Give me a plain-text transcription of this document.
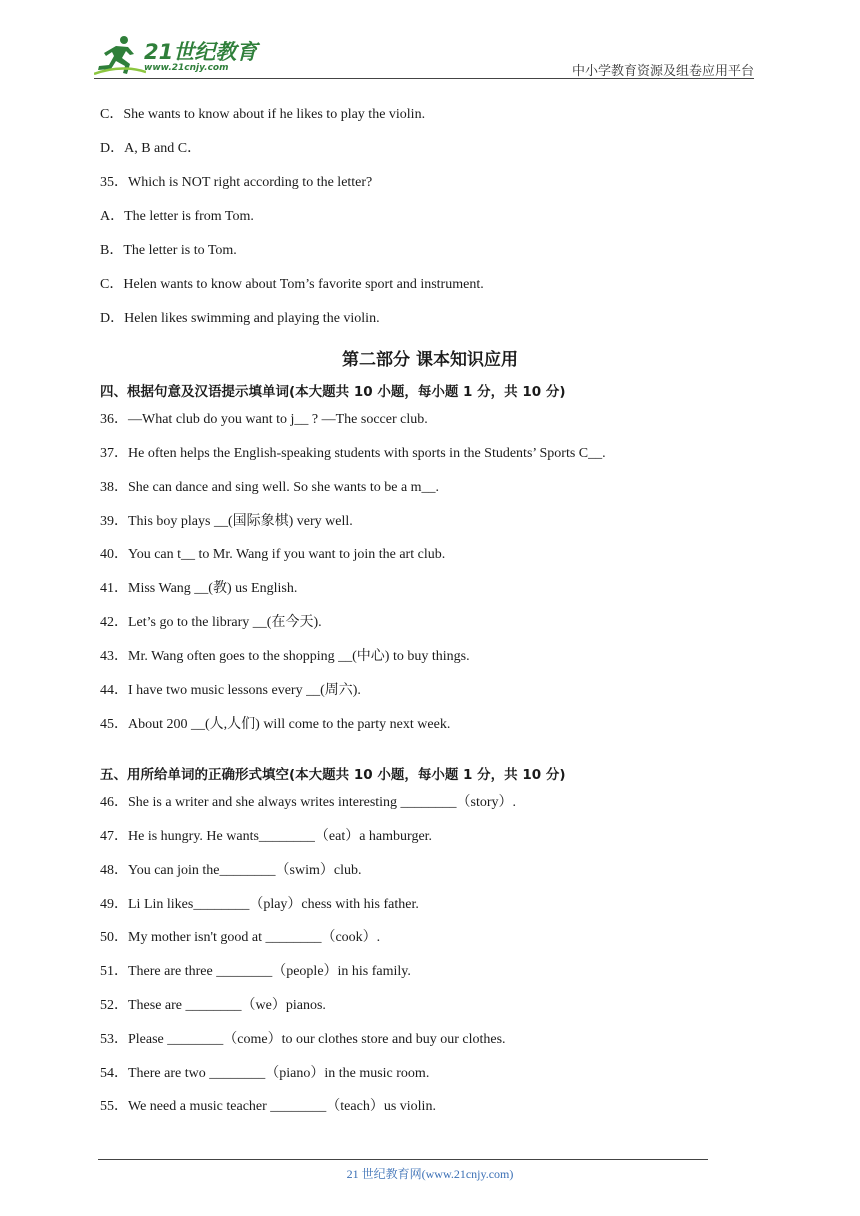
21世纪教育
www.21cnjy.com	中小学教育资源及组卷应用平台
C．She wants to know about if he likes to play the violin.
D．A, B and C．
35．Which is NOT right according to the letter?
A．The letter is from Tom.
B．The letter is to Tom.
C．Helen wants to know about Tom’s favorite sport and instrument.
D．Helen likes swimming and playing the violin.
第二部分 课本知识应用
四、根据句意及汉语提示填单词(本大题共 10 小题，每小题 1 分，共 10 分)
36．—What club do you want to j__ ? —The soccer club.
37．He often helps the English-speaking students with sports in the Students’ Sports C__.
38．She can dance and sing well. So she wants to be a m__.
39．This boy plays __(国际象棋) very well.
40．You can t__ to Mr. Wang if you want to join the art club.
41．Miss Wang __(教) us English.
42．Let’s go to the library __(在今天).
43．Mr. Wang often goes to the shopping __(中心) to buy things.
44．I have two music lessons every __(周六).
45．About 200 __(人,人们) will come to the party next week.
五、用所给单词的正确形式填空(本大题共 10 小题，每小题 1 分，共 10 分)
46．She is a writer and she always writes interesting ________（story）.
47．He is hungry. He wants________（eat）a hamburger.
48．You can join the________（swim）club.
49．Li Lin likes________（play）chess with his father.
50．My mother isn't good at ________（cook）.
51．There are three ________（people）in his family.
52．These are ________（we）pianos.
53．Please ________（come）to our clothes store and buy our clothes.
54．There are two ________（piano）in the music room.
55．We need a music teacher ________（teach）us violin.
21 世纪教育网(www.21cnjy.com)
